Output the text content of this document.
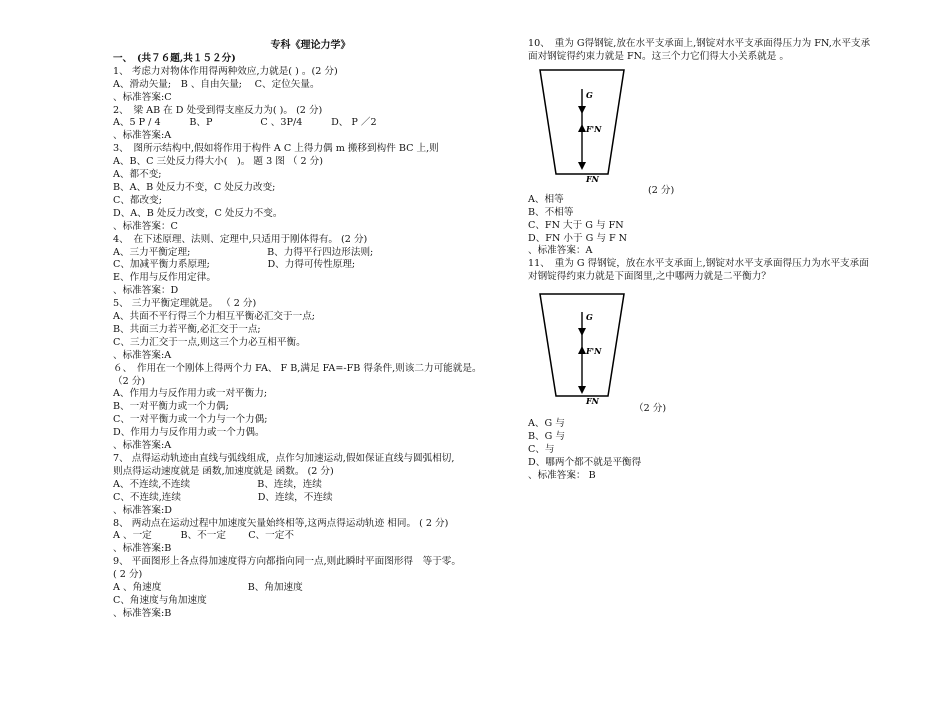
专科《理论力学》
一、　(共７６题,共１５２分)
1、 考虑力对物体作用得两种效应,力就是( ) 。(2 分)
A、滑动矢量;　B 、自由矢量;　 C、定位矢量。
、标准答案:C
2、　梁 AB 在 D 处受到得支座反力为( )。 (2 分)
A、5 P / 4　　　B、P　　　　　C 、3P/4　　　D、 P ／2
、标准答案:A
3、　图所示结构中,假如将作用于构件 A C 上得力偶 m 搬移到构件 BC 上,则
A、B、C 三处反力得大小(　)。 题 3 图 （ 2 分)
A、都不变;
B、A、B 处反力不变，C 处反力改变;　
C、都改变;
D、A、B 处反力改变，C 处反力不变。
、标准答案：C
4、　在下述原理、法则、定理中,只适用于刚体得有。 (2 分)
A、三力平衡定理;　　　　　　　　B、力得平行四边形法则;
C、加减平衡力系原理;　　　　　　D、力得可传性原理;
E、作用与反作用定律。
、标准答案：D
5、 三力平衡定理就是。 （ 2 分)
A、共面不平行得三个力相互平衡必汇交于一点;
B、共面三力若平衡,必汇交于一点;
C、三力汇交于一点,则这三个力必互相平衡。
、标准答案:A
６、　作用在一个刚体上得两个力 FA、 F B,满足 FA=-FB 得条件,则该二力可能就是。
（2 分)
A、作用力与反作用力或一对平衡力;
B、一对平衡力或一个力偶;
C、一对平衡力或一个力与一个力偶;
D、作用力与反作用力或一个力偶。
、标准答案:A
7、 点得运动轨迹由直线与弧线组成，点作匀加速运动,假如保证直线与圆弧相切,
则点得运动速度就是 函数,加速度就是 函数。 (2 分)
A、不连续,不连续　　　　　　　B、连续，连续
C、不连续,连续　　　　　　　　D、连续，不连续
、标准答案:D
8、 两动点在运动过程中加速度矢量始终相等,这两点得运动轨迹 相同。 ( 2 分)
A 、一定　　　B、不一定　　 C、一定不
、标准答案:B
9、 平面图形上各点得加速度得方向都指向同一点,则此瞬时平面图形得　等于零。
( 2 分)
A 、角速度　　　　　　　　　B、角加速度
C、角速度与角加速度
、标准答案:B
10、　重为 G得钢锭,放在水平支承面上,钢锭对水平支承面得压力为 FN,水平支承面对钢锭得约束力就是 FN。这三个力它们得大小关系就是 。
G
F'N
FN
(2 分)
A、相等
B、不相等
C、FN 大于 G 与 FN
D、FN 小于 G 与 F N
、标准答案：A
11、　重为 G 得钢锭，放在水平支承面上,钢锭对水平支承面得压力为水平支承面对钢锭得约束力就是下面图里,之中哪两力就是二平衡力？
G
F'N
FN
（2 分)
A、G 与
B、G 与
C、与
D、哪两个都不就是平衡得
、标准答案： B
